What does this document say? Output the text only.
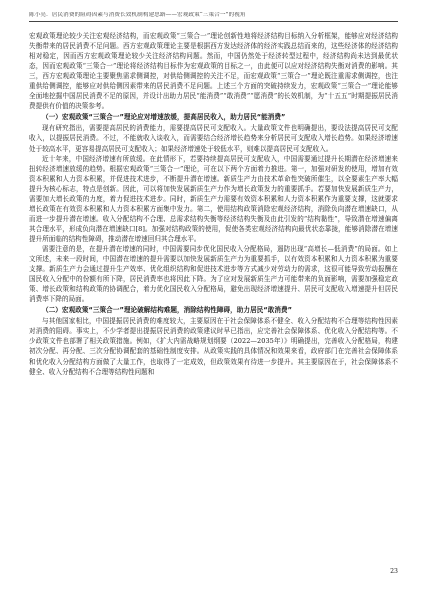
陈小亮．居民消费的阻碍因素与消费长效机制构建思路——宏观政策“三策合一”的视角

宏观政策理论较少关注宏观经济结构，而宏观政策“三策合一”理论创新性地将经济结构目标纳入分析框架，能够应对经济结构失衡带来的居民消费不足问题。西方宏观政策理论主要是根据西方发达经济体的经济实践总结而来的，这些经济体的经济结构相对稳定，因而西方宏观政策理论较少关注经济结构问题。然而，中国仍然处于经济转型过程中，经济结构尚未达到最优状态，因而宏观政策“三策合一”理论将经济结构目标作为宏观政策的目标之一，由此便可以应对经济结构失衡对消费的影响。其三，西方宏观政策理论主要聚焦需求侧调控，对供给侧调控的关注不足，而宏观政策“三策合一”理论既注重需求侧调控，也注重供给侧调控，能够应对供给侧因素带来的居民消费不足问题。上述三个方面的突破持续发力，宏观政策“三策合一”理论能够全面地挖掘中国居民消费不足的原因，并设计出助力居民“能消费”“敢消费”“愿消费”的长效机制，为“十五五”时期提振居民消费提供有价值的决策参考。

（一）宏观政策“三策合一”理论应对增速放缓，提高居民收入，助力居民“能消费”

现有研究指出，需要提高居民的消费能力，需要提高居民可支配收入。大量政策文件也明确提出，要设法提高居民可支配收入，以提振居民消费。不过，不能就收入谈收入，而需要结合经济增长趋势来分析居民可支配收入增长趋势。如果经济增速处于较高水平，更容易提高居民可支配收入；如果经济增速处于较低水平，则难以提高居民可支配收入。

近十年来，中国经济增速有所放缓。在此情形下，若要持续提高居民可支配收入，中国需要通过提升长期潜在经济增速来扭转经济增速放缓的趋势。根据宏观政策“三策合一”理论，可在以下两个方面着力推进。第一，加强对研发的使用，增加有效资本积累和人力资本积累，并促进技术进步，不断提升潜在增速。新质生产力由技术革命性突破所催生，以全要素生产率大幅提升为核心标志，特点是创新。因此，可以将加快发展新质生产力作为增长政策发力的重要抓手。若要加快发展新质生产力，需要加大增长政策的力度，着力促进技术进步。同时，新质生产力需要有效资本积累和人力资本积累作为重要支撑，这就要求增长政策在有效资本积累和人力资本积累方面集中发力。第二，使用结构政策消除宏观经济结构，消除负向潜在增速缺口，从而进一步提升潜在增速。收入分配结构不合理、总需求结构失衡等经济结构失衡及由此引发的“结构黏性”，导致潜在增速偏离其合理水平，形成负向潜在增速缺口[8]。加强对结构政策的使用，促使各类宏观经济结构向最优状态靠拢，能够消除潜在增速提升所面临的结构性障碍，推动潜在增速回归其合理水平。

需要注意的是，在提升潜在增速的同时，中国需要同步优化国民收入分配格局，遏防出现“高增长—低消费”的局面。如上文所述，未来一段时间，中国潜在增速的提升需要以加快发展新质生产力为重要抓手，以有效资本积累和人力资本积累为重要支撑。新质生产力会通过提升生产效率、优化组织结构和促进技术进步等方式减少对劳动力的需求，这很可能导致劳动报酬在国民收入分配中的份额有所下降，居民消费率也将因此下降。为了应对发展新质生产力可能带来的负面影响，需要加强稳定政策、增长政策和结构政策的协调配合，着力优化国民收入分配格局，避免出现经济增速提升、居民可支配收入增速提升但居民消费率下降的局面。

（二）宏观政策“三策合一”理论破解结构难题，消除结构性障碍，助力居民“敢消费”

与其他国家相比，中国提振居民消费的难度较大，主要原因在于社会保障体系不健全、收入分配结构不合理等结构性因素对消费的阻碍。事实上，不少学者提出提振居民消费的政策建议时早已指出，应完善社会保障体系、优化收入分配结构等。不少政策文件也部署了相关政策措施。例如，《扩大内需战略规划纲要（2022—2035年）》明确提出，完善收入分配格局，构建初次分配、再分配、三次分配协调配套的基础性制度安排。从政策实践的具体情况和效果来看，政府部门在完善社会保障体系和优化收入分配结构方面做了大量工作，也取得了一定成效，但政策效果有待进一步提升。其主要原因在于，社会保障体系不健全、收入分配结构不合理等结构性问题和

23
